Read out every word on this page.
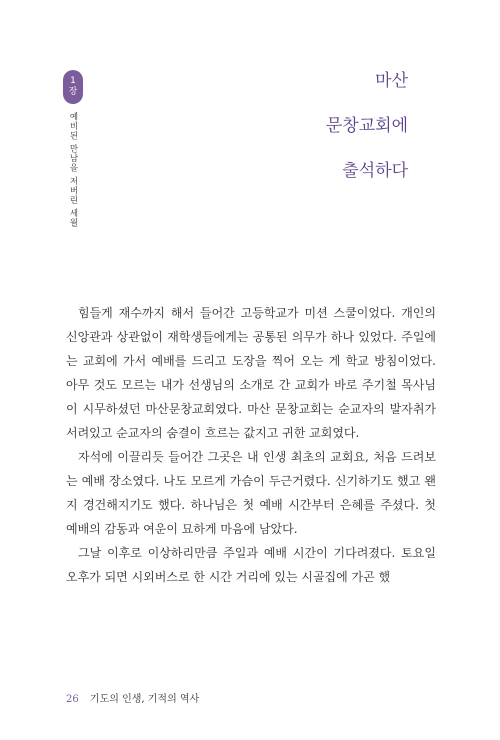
1
장
예비된 만남을 저버린 세월
마산
문창교회에
출석하다

힘들게 재수까지 해서 들어간 고등학교가 미션 스쿨이었다. 개인의 신앙관과 상관없이 재학생들에게는 공통된 의무가 하나 있었다. 주일에는 교회에 가서 예배를 드리고 도장을 찍어 오는 게 학교 방침이었다. 아무 것도 모르는 내가 선생님의 소개로 간 교회가 바로 주기철 목사님이 시무하셨던 마산문창교회였다. 마산 문창교회는 순교자의 발자취가 서려있고 순교자의 숨결이 흐르는 값지고 귀한 교회였다.

자석에 이끌리듯 들어간 그곳은 내 인생 최초의 교회요, 처음 드려보는 예배 장소였다. 나도 모르게 가슴이 두근거렸다. 신기하기도 했고 왠지 경건해지기도 했다. 하나님은 첫 예배 시간부터 은혜를 주셨다. 첫 예배의 감동과 여운이 묘하게 마음에 남았다.

그날 이후로 이상하리만큼 주일과 예배 시간이 기다려졌다. 토요일 오후가 되면 시외버스로 한 시간 거리에 있는 시골집에 가곤 했

26 기도의 인생, 기적의 역사
